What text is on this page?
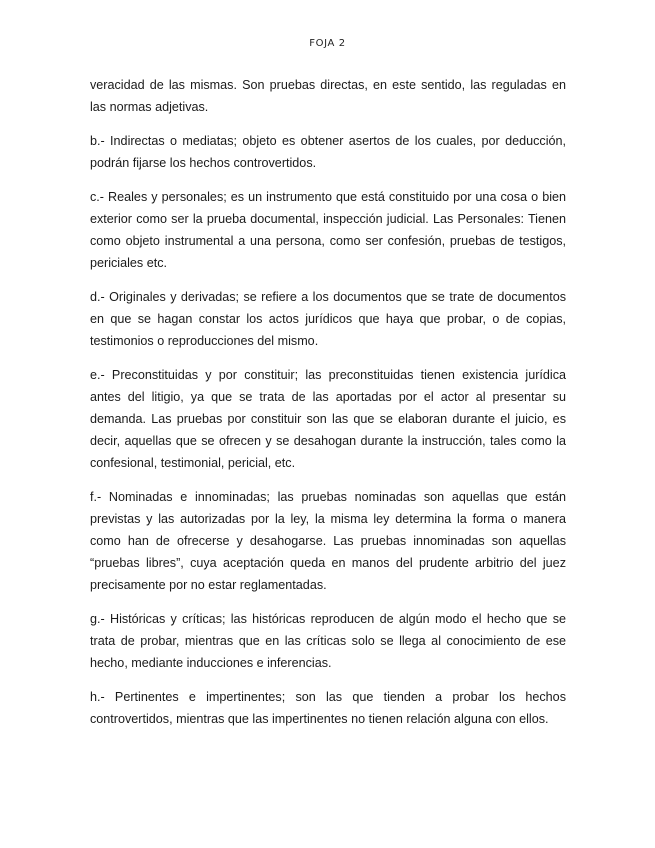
FOJA 2

veracidad de las mismas. Son pruebas directas, en este sentido, las reguladas en las normas adjetivas.

b.- Indirectas o mediatas; objeto es obtener asertos de los cuales, por deducción, podrán fijarse los hechos controvertidos.

c.- Reales y personales; es un instrumento que está constituido por una cosa o bien exterior como ser la prueba documental, inspección judicial. Las Personales: Tienen como objeto instrumental a una persona, como ser confesión, pruebas de testigos, periciales etc.

d.- Originales y derivadas; se refiere a los documentos que se trate de documentos en que se hagan constar los actos jurídicos que haya que probar, o de copias, testimonios o reproducciones del mismo.

e.- Preconstituidas y por constituir; las preconstituidas tienen existencia jurídica antes del litigio, ya que se trata de las aportadas por el actor al presentar su demanda. Las pruebas por constituir son las que se elaboran durante el juicio, es decir, aquellas que se ofrecen y se desahogan durante la instrucción, tales como la confesional, testimonial, pericial, etc.

f.- Nominadas e innominadas; las pruebas nominadas son aquellas que están previstas y las autorizadas por la ley, la misma ley determina la forma o manera como han de ofrecerse y desahogarse. Las pruebas innominadas son aquellas “pruebas libres”, cuya aceptación queda en manos del prudente arbitrio del juez precisamente por no estar reglamentadas.

g.- Históricas y críticas; las históricas reproducen de algún modo el hecho que se trata de probar, mientras que en las críticas solo se llega al conocimiento de ese hecho, mediante inducciones e inferencias.

h.- Pertinentes e impertinentes; son las que tienden a probar los hechos controvertidos, mientras que las impertinentes no tienen relación alguna con ellos.
